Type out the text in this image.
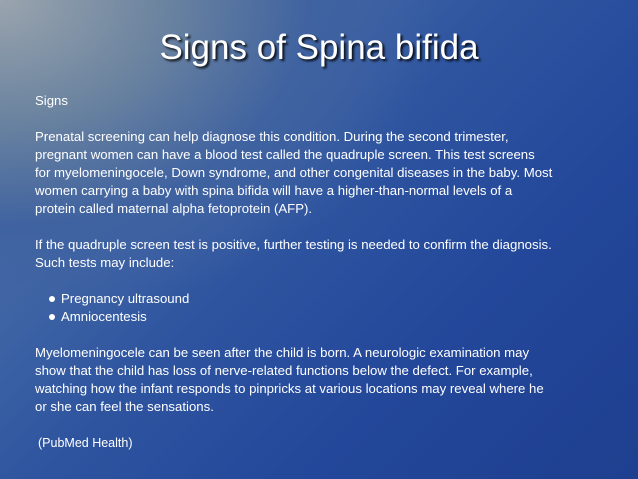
Signs of Spina bifida

Signs

Prenatal screening can help diagnose this condition. During the second trimester,

pregnant women can have a blood test called the quadruple screen. This test screens

for myelomeningocele, Down syndrome, and other congenital diseases in the baby. Most

women carrying a baby with spina bifida will have a higher-than-normal levels of a

protein called maternal alpha fetoprotein (AFP).

If the quadruple screen test is positive, further testing is needed to confirm the diagnosis.

Such tests may include:

Pregnancy ultrasound
Amniocentesis

Myelomeningocele can be seen after the child is born. A neurologic examination may

show that the child has loss of nerve-related functions below the defect. For example,

watching how the infant responds to pinpricks at various locations may reveal where he

or she can feel the sensations.

(PubMed Health)
